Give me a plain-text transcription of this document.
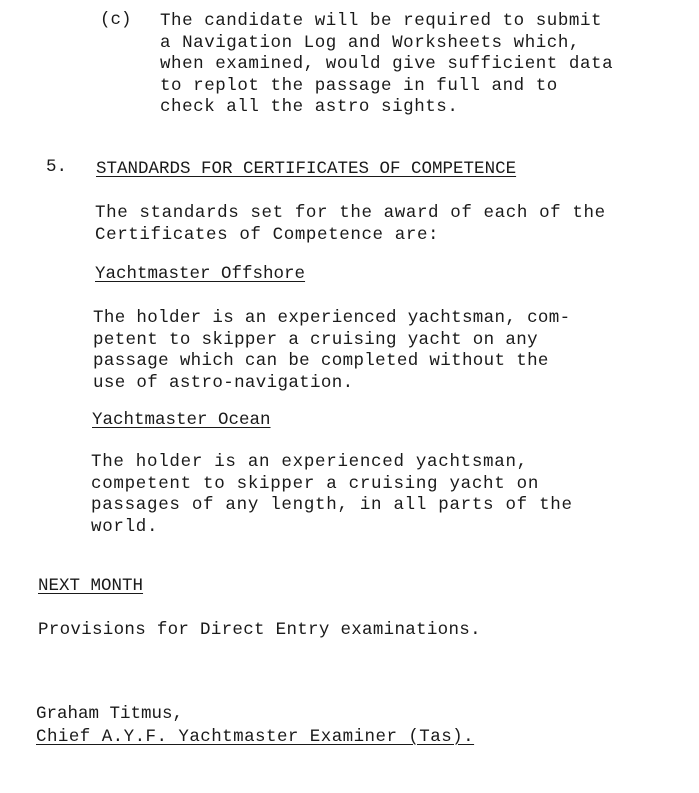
(c) The candidate will be required to submit
a Navigation Log and Worksheets which,
when examined, would give sufficient data
to replot the passage in full and to
check all the astro sights.
5. STANDARDS FOR CERTIFICATES OF COMPETENCE
The standards set for the award of each of the
Certificates of Competence are:
Yachtmaster Offshore
The holder is an experienced yachtsman, com-
petent to skipper a cruising yacht on any
passage which can be completed without the
use of astro-navigation.
Yachtmaster Ocean
The holder is an experienced yachtsman,
competent to skipper a cruising yacht on
passages of any length, in all parts of the
world.
NEXT MONTH
Provisions for Direct Entry examinations.
Graham Titmus,
Chief A.Y.F. Yachtmaster Examiner (Tas).
